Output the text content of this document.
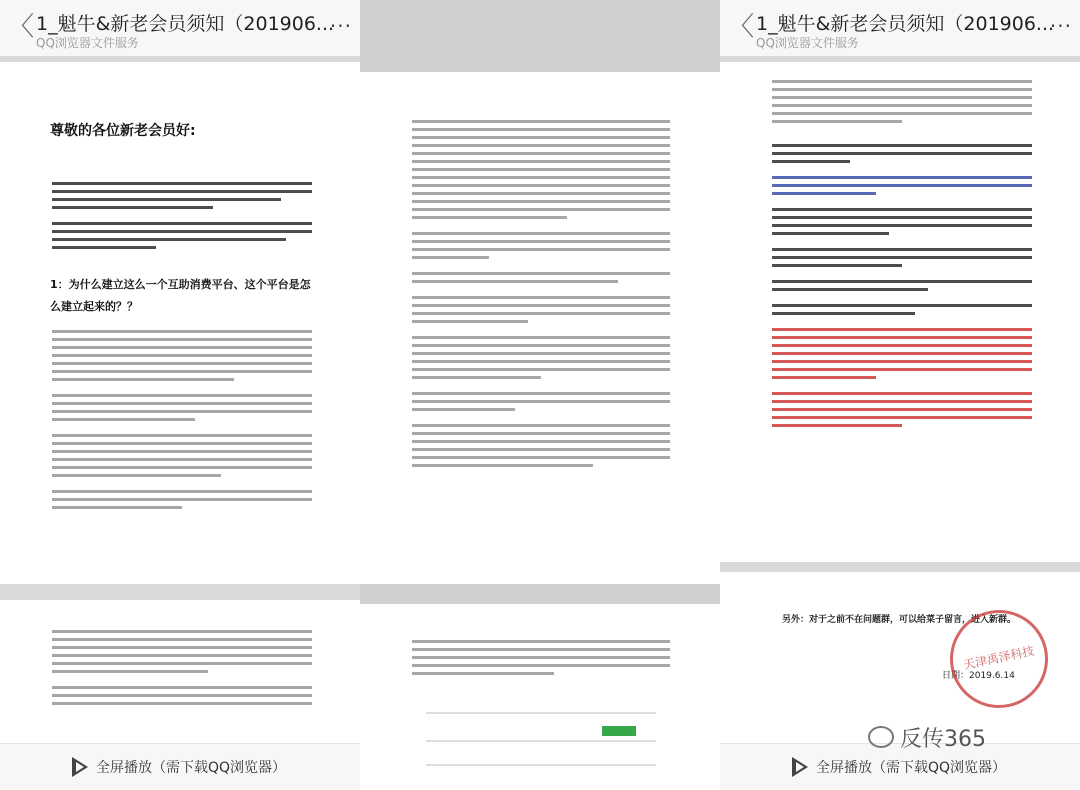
〈 1_魁牛&新老会员须知（201906...
QQ浏览器文件服务
...
尊敬的各位新老会员好:
1：为什么建立这么一个互助消费平台、这个平台是怎么建立起来的？？
全屏播放（需下载QQ浏览器）
〈 1_魁牛&新老会员须知（201906...
QQ浏览器文件服务
...
另外：对于之前不在问题群，可以给菜子留言，进入新群。
日期：2019.6.14
天津禹泽科技
全屏播放（需下载QQ浏览器）
反传365
